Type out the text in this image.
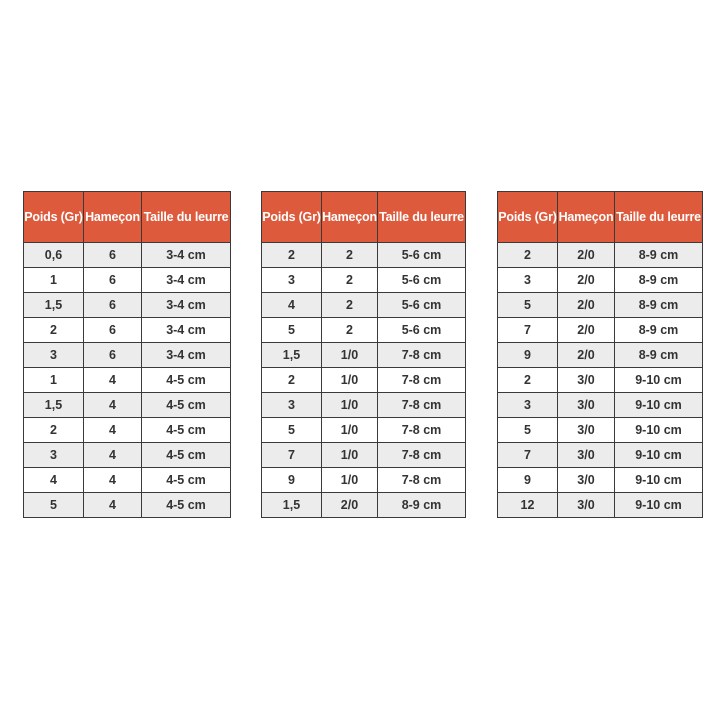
Poids (Gr)	Hameçon	Taille du leurre
0,6	6	3-4 cm
1	6	3-4 cm
1,5	6	3-4 cm
2	6	3-4 cm
3	6	3-4 cm
1	4	4-5 cm
1,5	4	4-5 cm
2	4	4-5 cm
3	4	4-5 cm
4	4	4-5 cm
5	4	4-5 cm
Poids (Gr)	Hameçon	Taille du leurre
2	2	5-6 cm
3	2	5-6 cm
4	2	5-6 cm
5	2	5-6 cm
1,5	1/0	7-8 cm
2	1/0	7-8 cm
3	1/0	7-8 cm
5	1/0	7-8 cm
7	1/0	7-8 cm
9	1/0	7-8 cm
1,5	2/0	8-9 cm
Poids (Gr)	Hameçon	Taille du leurre
2	2/0	8-9 cm
3	2/0	8-9 cm
5	2/0	8-9 cm
7	2/0	8-9 cm
9	2/0	8-9 cm
2	3/0	9-10 cm
3	3/0	9-10 cm
5	3/0	9-10 cm
7	3/0	9-10 cm
9	3/0	9-10 cm
12	3/0	9-10 cm
